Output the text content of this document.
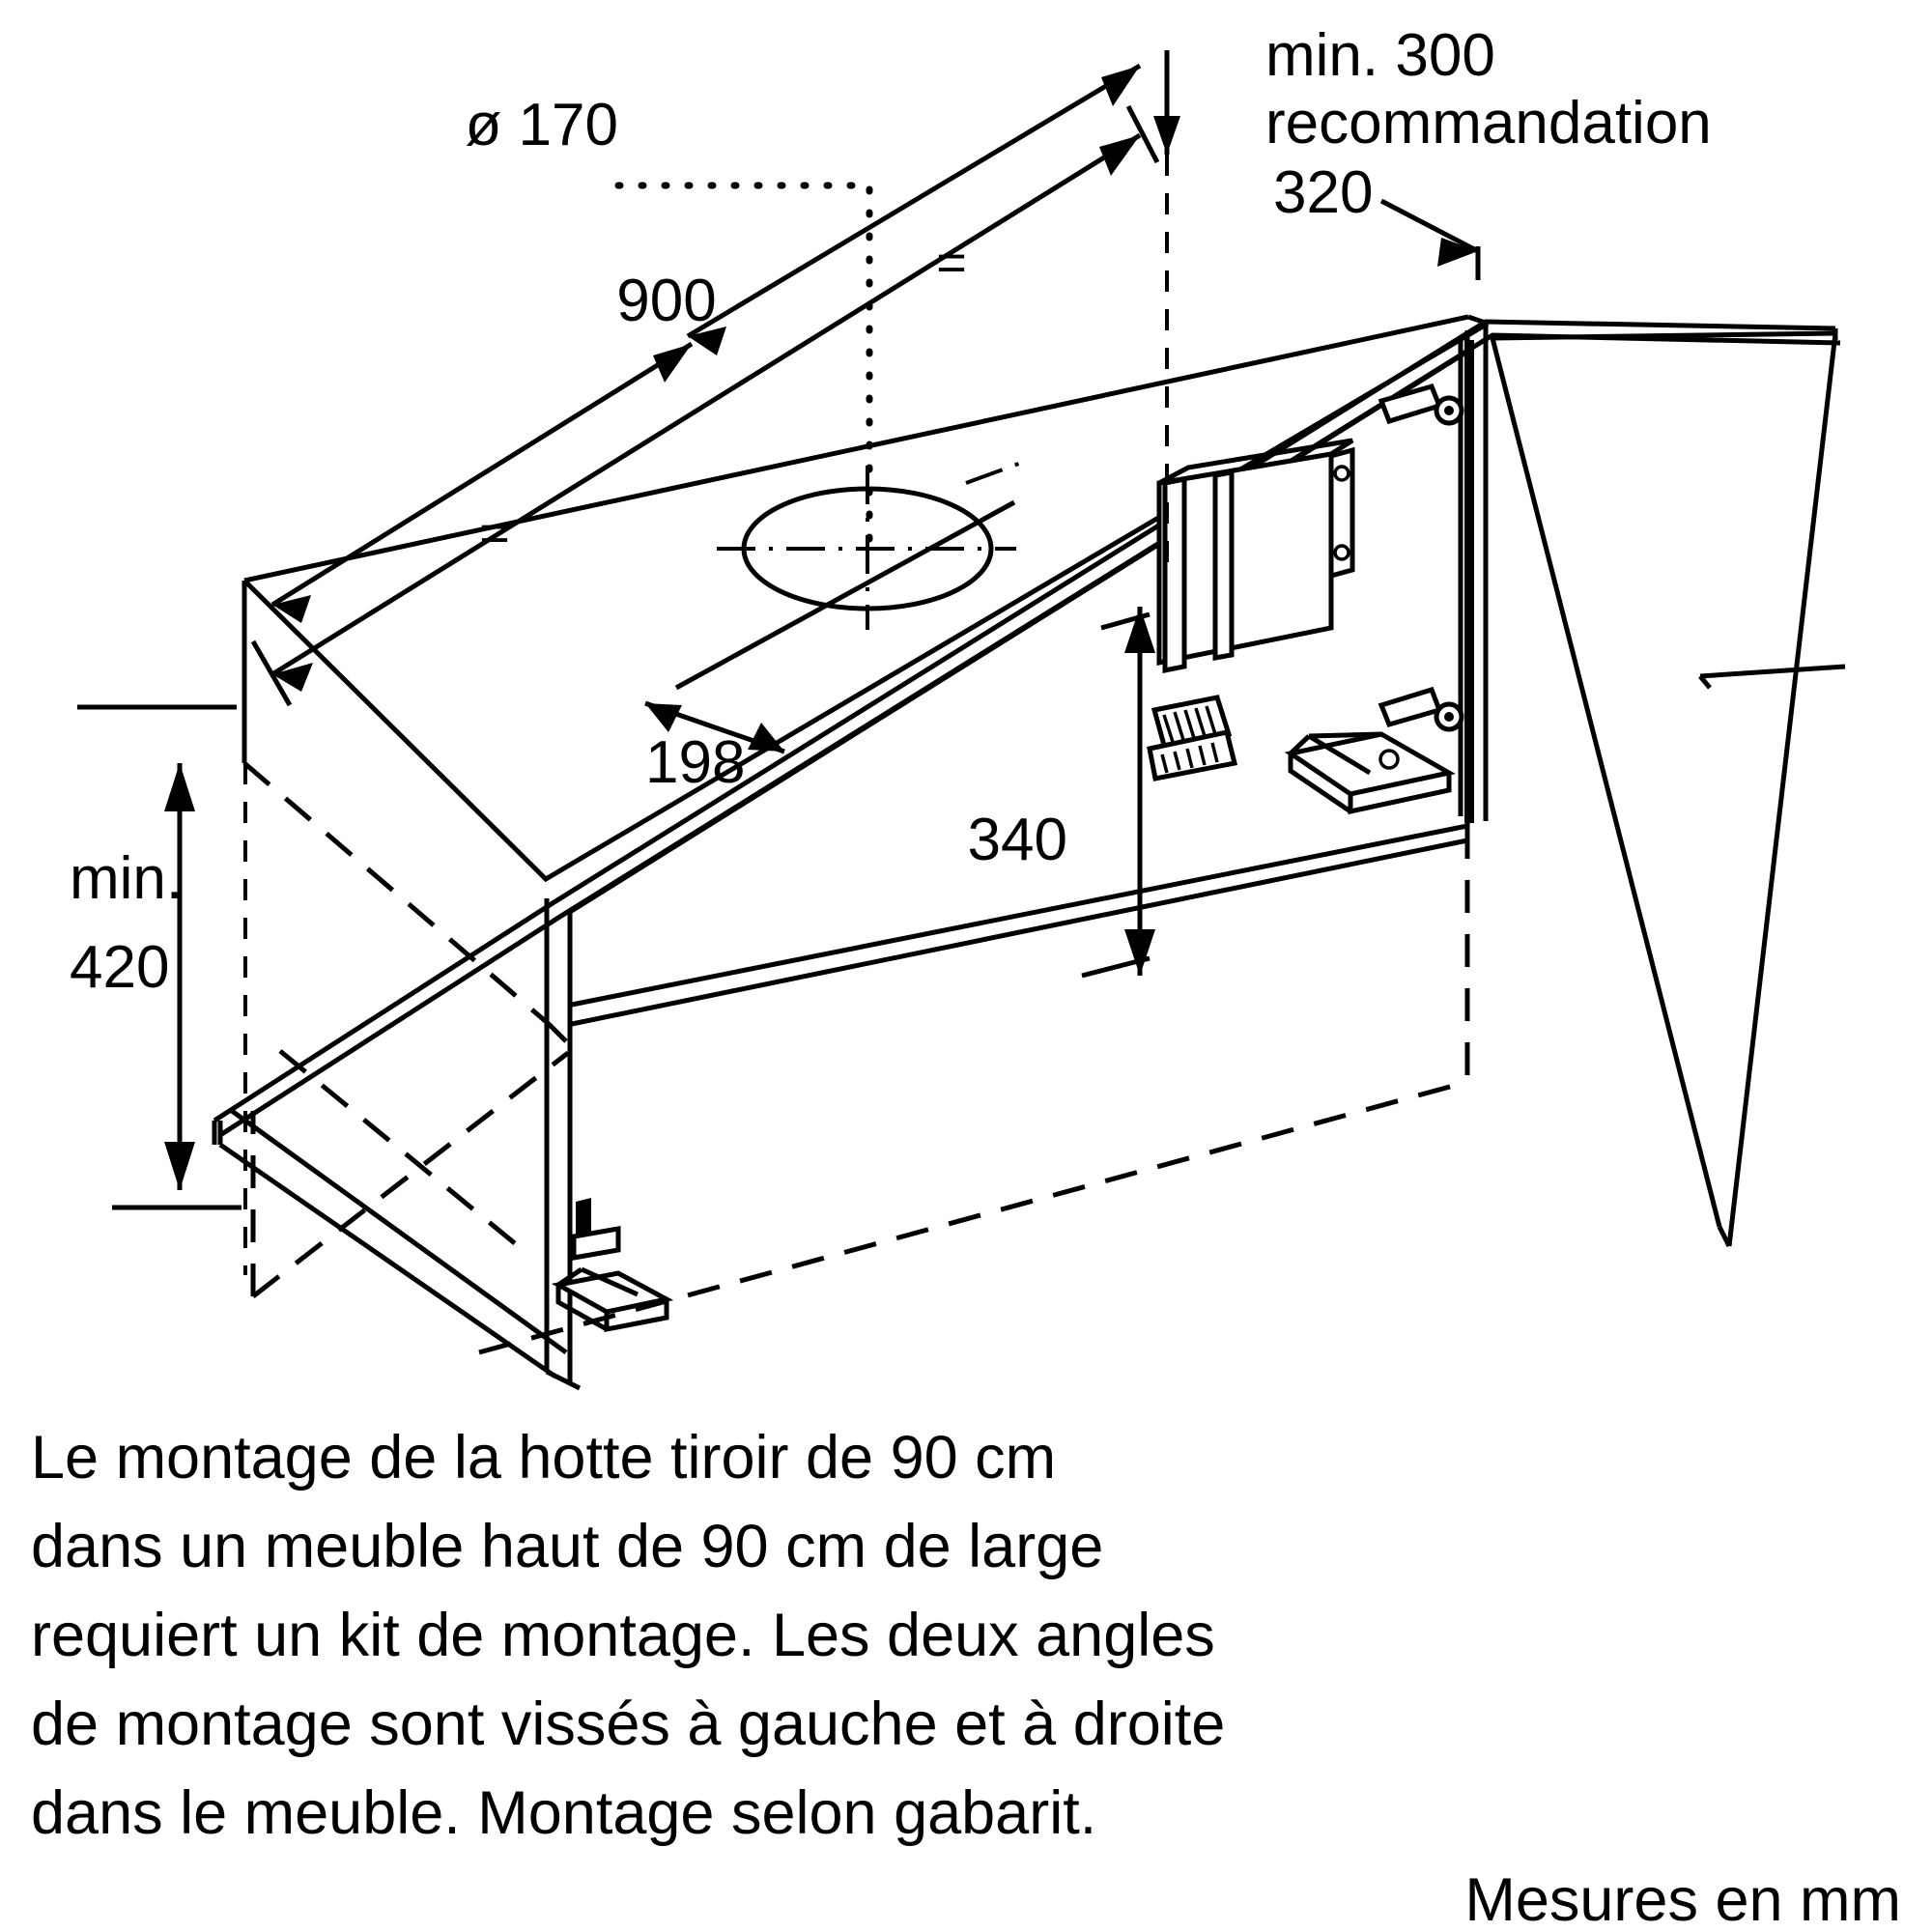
ø 170
900
=
=
min. 300
recommandation
320
198
340
min.
420
Le montage de la hotte tiroir de 90 cm
dans un meuble haut de 90 cm de large
requiert un kit de montage. Les deux angles
de montage sont vissés à gauche et à droite
dans le meuble. Montage selon gabarit.
Mesures en mm
